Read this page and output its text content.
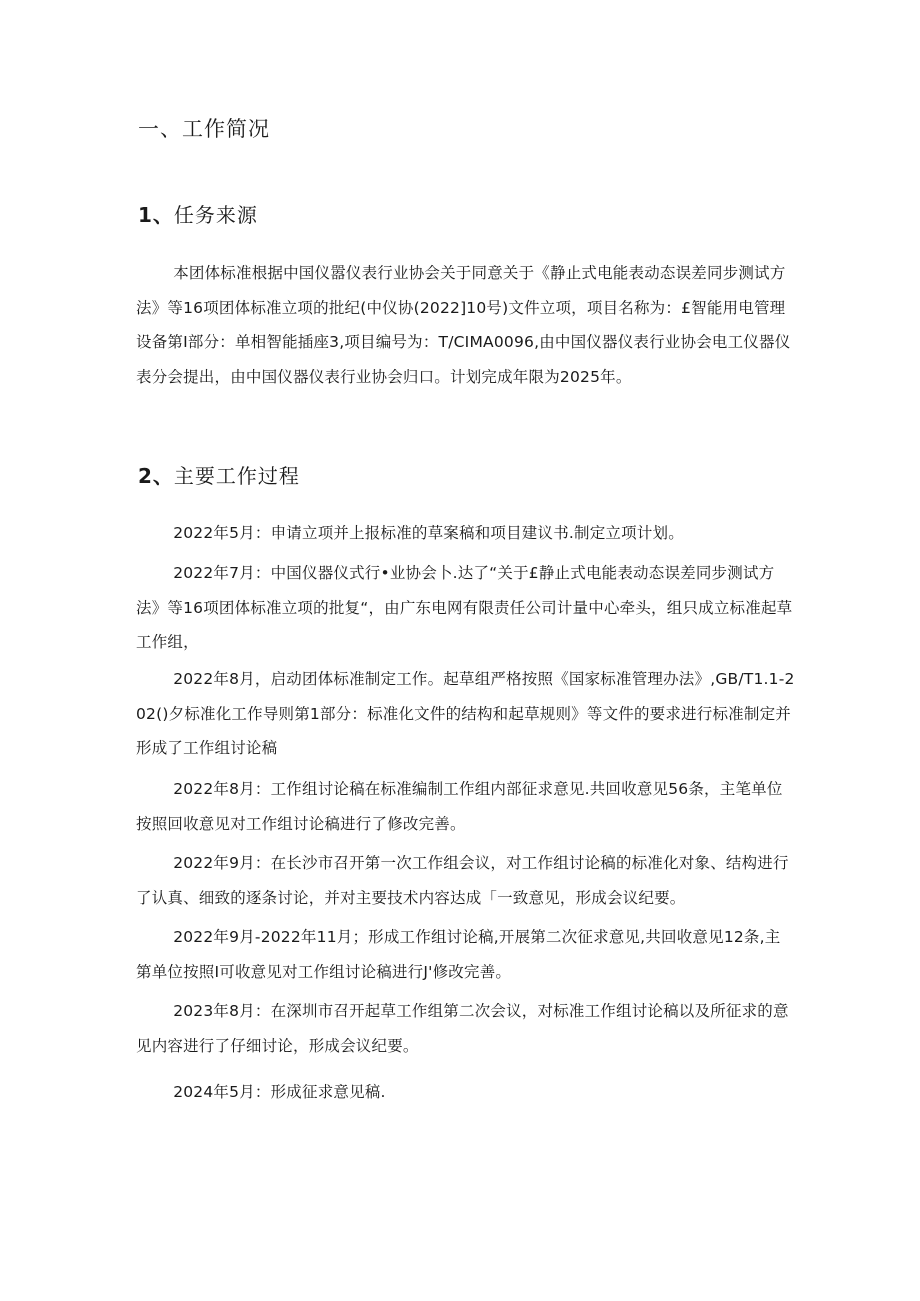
一、工作简况
1、任务来源

本团体标准根据中国仪嚣仪表行业协会关于同意关于《静止式电能表动态误差同步测试方法》等16项团体标准立项的批纪(中仪协(2022]10号)文件立项，项目名称为：£智能用电管理设备第I部分：单相智能插座3,项目编号为：T/CIMA0096,由中国仪器仪表行业协会电工仪器仪表分会提出，由中国仪器仪表行业协会归口。计划完成年限为2025年。

2、主要工作过程

2022年5月：申请立项并上报标准的草案稿和项目建议书.制定立项计划。

2022年7月：中国仪器仪式行•业协会卜.达了“关于£静止式电能表动态误差同步测试方法》等16项团体标准立项的批复“，由广东电网有限责任公司计量中心牵头，组只成立标准起草工作组，

2022年8月，启动团体标准制定工作。起草组严格按照《国家标准管理办法》,GB/T1.1-202()夕标准化工作导则第1部分：标准化文件的结构和起草规则》等文件的要求进行标准制定并形成了工作组讨论稿

2022年8月：工作组讨论稿在标准编制工作组内部征求意见.共回收意见56条，主笔单位按照回收意见对工作组讨论稿进行了修改完善。

2022年9月：在长沙市召开第一次工作组会议，对工作组讨论稿的标准化对象、结构进行了认真、细致的逐条讨论，并对主要技术内容达成「一致意见，形成会议纪要。

2022年9月-2022年11月；形成工作组讨论稿,开展第二次征求意见,共回收意见12条,主第单位按照I可收意见对工作组讨论稿进行J'修改完善。

2023年8月：在深圳市召开起草工作组第二次会议，对标准工作组讨论稿以及所征求的意见内容进行了仔细讨论，形成会议纪要。

2024年5月：形成征求意见稿.
